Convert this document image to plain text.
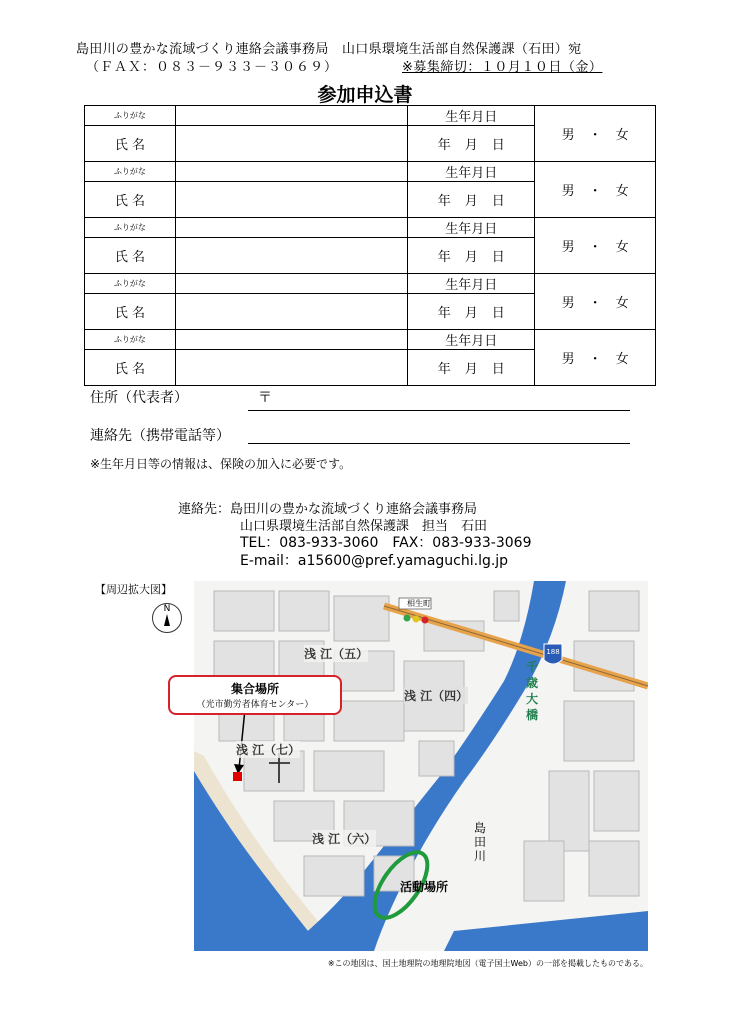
島田川の豊かな流域づくり連絡会議事務局　山口県環境生活部自然保護課（石田）宛
（ＦＡＸ：０８３－９３３－３０６９）	※募集締切：１０月１０日（金）
参加申込書
ふりがな		生年月日	男 ・ 女
氏 名		年 月 日	
ふりがな		生年月日	男 ・ 女
氏 名		年 月 日	
ふりがな		生年月日	男 ・ 女
氏 名		年 月 日	
ふりがな		生年月日	男 ・ 女
氏 名		年 月 日	
ふりがな		生年月日	男 ・ 女
氏 名		年 月 日	
住所（代表者）	〒
連絡先（携帯電話等）
※生年月日等の情報は、保険の加入に必要です。
連絡先：島田川の豊かな流域づくり連絡会議事務局
山口県環境生活部自然保護課　担当　石田
TEL：083-933-3060　FAX：083-933-3069
E-mail：a15600@pref.yamaguchi.lg.jp
【周辺拡大図】
N
相生町
188
集合場所
（光市勤労者体育センター）
浅 江（五）
浅 江（四）
浅 江（七）
浅 江（六）
活動場所
島田川
千歳大橋
※この地図は、国土地理院の地理院地図（電子国土Web）の一部を掲載したものである。
